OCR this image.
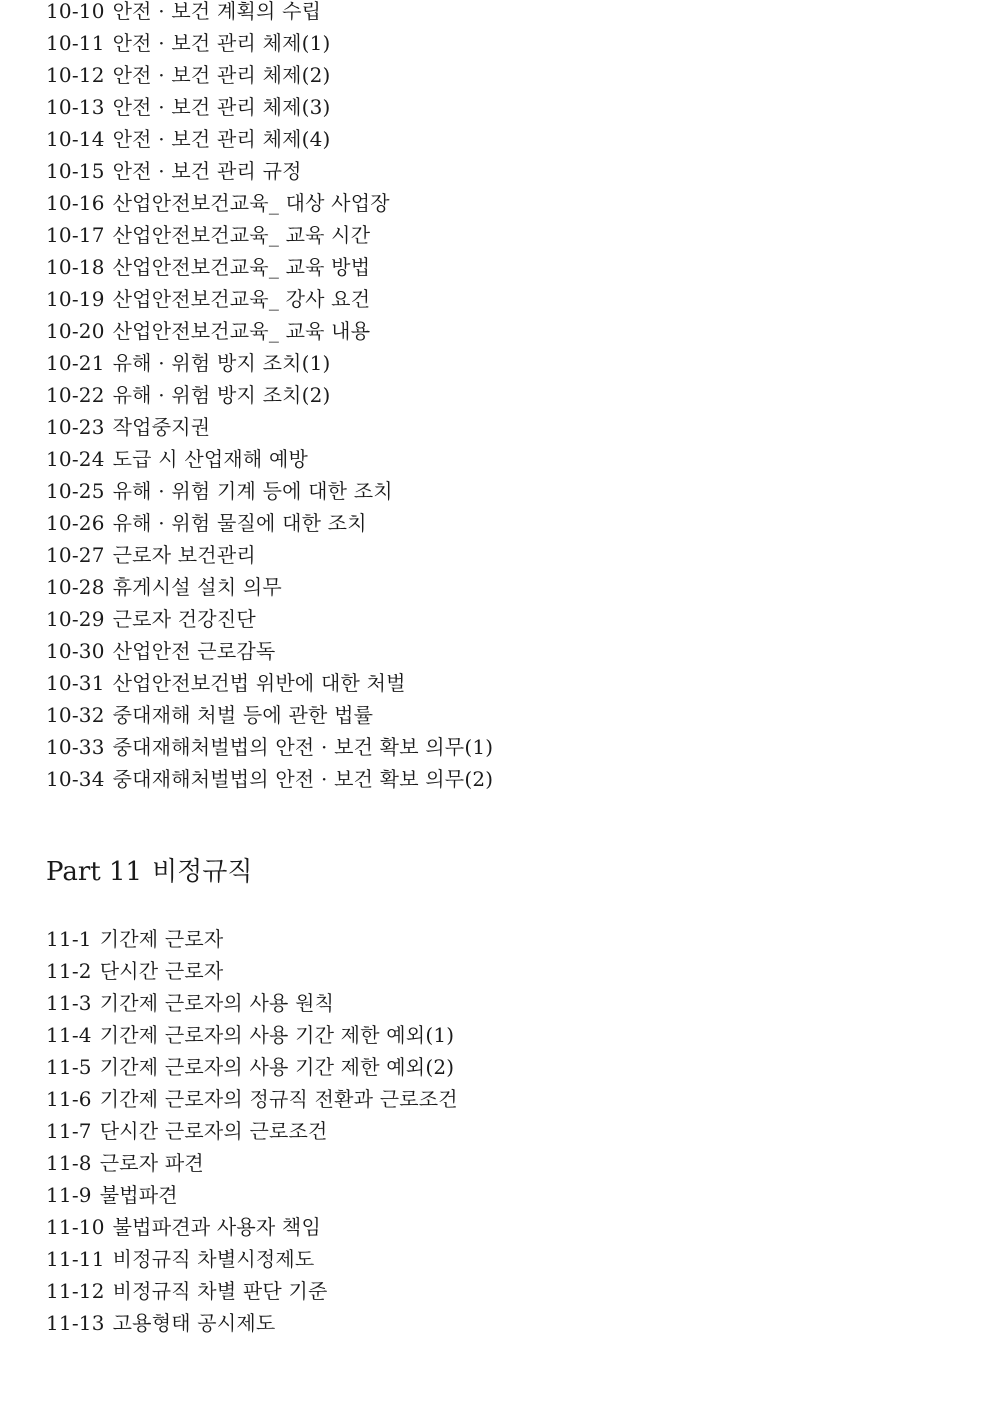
10-10 안전 · 보건 계획의 수립
10-11 안전 · 보건 관리 체제(1)
10-12 안전 · 보건 관리 체제(2)
10-13 안전 · 보건 관리 체제(3)
10-14 안전 · 보건 관리 체제(4)
10-15 안전 · 보건 관리 규정
10-16 산업안전보건교육_ 대상 사업장
10-17 산업안전보건교육_ 교육 시간
10-18 산업안전보건교육_ 교육 방법
10-19 산업안전보건교육_ 강사 요건
10-20 산업안전보건교육_ 교육 내용
10-21 유해 · 위험 방지 조치(1)
10-22 유해 · 위험 방지 조치(2)
10-23 작업중지권
10-24 도급 시 산업재해 예방
10-25 유해 · 위험 기계 등에 대한 조치
10-26 유해 · 위험 물질에 대한 조치
10-27 근로자 보건관리
10-28 휴게시설 설치 의무
10-29 근로자 건강진단
10-30 산업안전 근로감독
10-31 산업안전보건법 위반에 대한 처벌
10-32 중대재해 처벌 등에 관한 법률
10-33 중대재해처벌법의 안전 · 보건 확보 의무(1)
10-34 중대재해처벌법의 안전 · 보건 확보 의무(2)
Part 11 비정규직
11-1 기간제 근로자
11-2 단시간 근로자
11-3 기간제 근로자의 사용 원칙
11-4 기간제 근로자의 사용 기간 제한 예외(1)
11-5 기간제 근로자의 사용 기간 제한 예외(2)
11-6 기간제 근로자의 정규직 전환과 근로조건
11-7 단시간 근로자의 근로조건
11-8 근로자 파견
11-9 불법파견
11-10 불법파견과 사용자 책임
11-11 비정규직 차별시정제도
11-12 비정규직 차별 판단 기준
11-13 고용형태 공시제도
